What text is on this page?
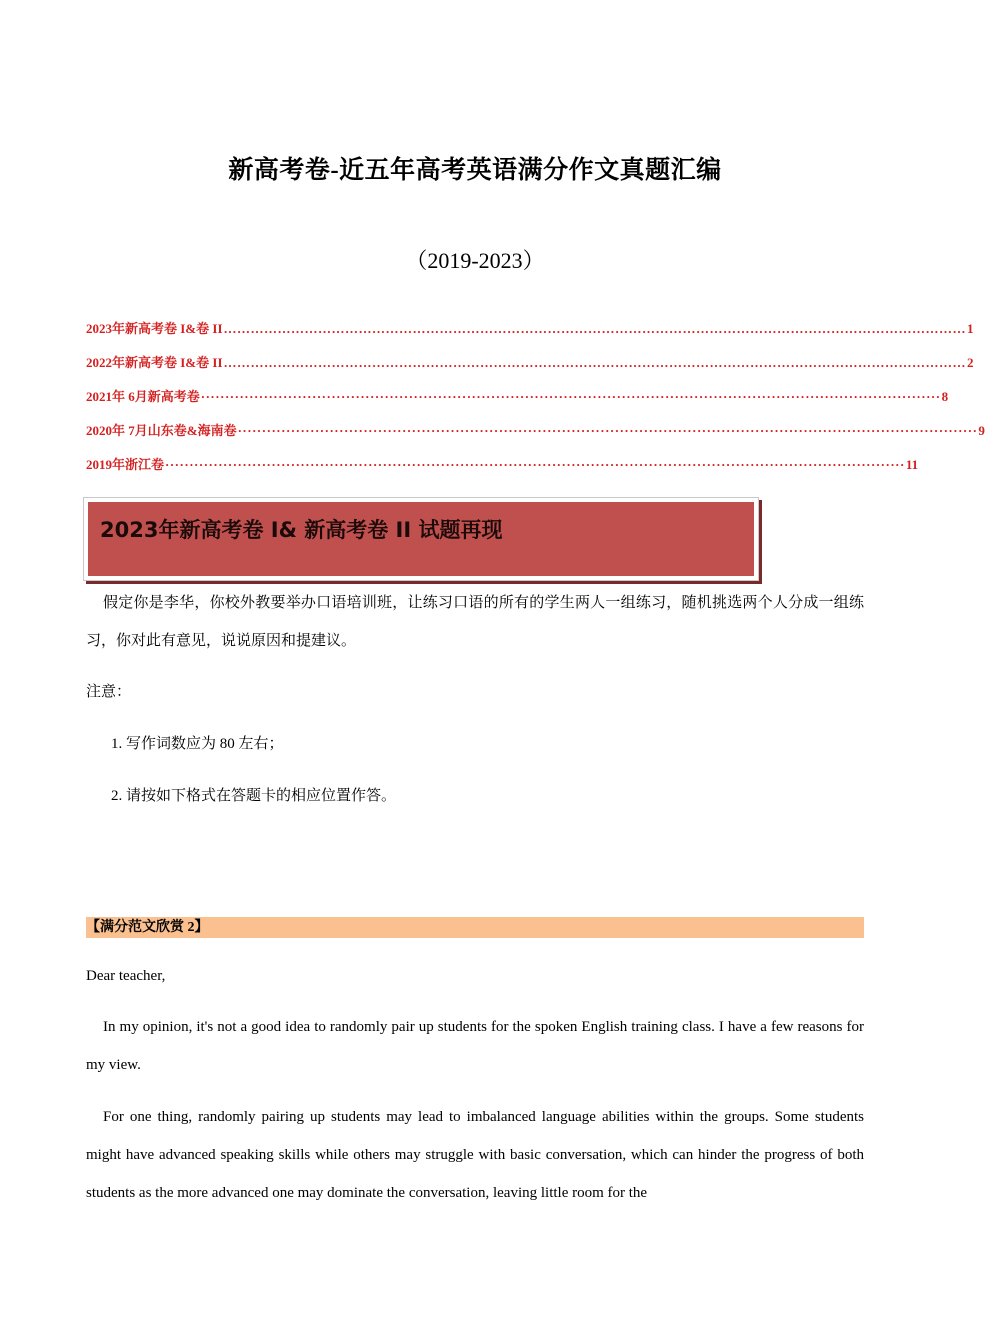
新高考卷-近五年高考英语满分作文真题汇编
（2019-2023）
2023年新高考卷 I&卷 II ………………………………………………………………………………………………………………………………………………… 1
2022年新高考卷 I&卷 II ………………………………………………………………………………………………………………………………………………… 2
2021年 6月新高考卷 ························································································································································· 8
2020年 7月山东卷&海南卷 ························································································································································· 9
2019年浙江卷 ························································································································································· 11
2023年新高考卷 I& 新高考卷 II 试题再现
假定你是李华，你校外教要举办口语培训班，让练习口语的所有的学生两人一组练习，随机挑选两个人分成一组练习，你对此有意见，说说原因和提建议。
注意：
1. 写作词数应为 80 左右；
2. 请按如下格式在答题卡的相应位置作答。
【满分范文欣赏 2】
Dear teacher,
In my opinion, it's not a good idea to randomly pair up students for the spoken English training class. I have a few reasons for my view.
For one thing, randomly pairing up students may lead to imbalanced language abilities within the groups. Some students might have advanced speaking skills while others may struggle with basic conversation, which can hinder the progress of both students as the more advanced one may dominate the conversation, leaving little room for the
